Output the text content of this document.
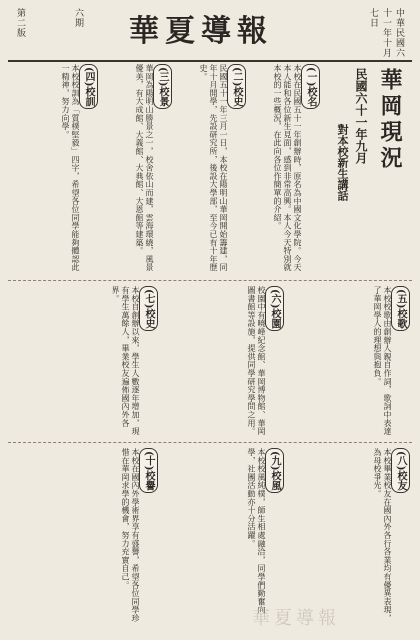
第二版	六期 華夏導報	中華民國六十一年十月七日
華岡現況
民國六十一年九月
對本校新生講話
(一)校名
本校在民國五十一年創辦時，原名為中國文化學院。今天本人能和各位新生見面，感到非常高興。本人今天特別就本校的一些概況，在此向各位作簡單的介紹。
(二)校史
民國五十一年三月一日，本校在陽明山華岡開始籌建，同年十月開學，先設研究所，後設大學部，至今已有十年歷史。
(三)校景
華岡為陽明山勝景之一，校舍依山而建，雲海環繞，風景優美，有大成館、大義館、大典館、大恩館等建築。
(四)校訓
本校校訓為「質樸堅毅」四字，希望各位同學能夠體認此一精神，努力向學。
(五)校歌
本校校歌由創辦人親自作詞，歌詞中表達了華岡學人的理想與抱負。
(六)校園
校園中有曉峰紀念館、華岡博物館、華岡圖書館等設施，提供同學研究學問之用。
(七)校史
本校自創辦以來，學生人數逐年增加，現有學生萬餘人，畢業校友遍佈國內外各界。
(八)校友
本校畢業校友在國內外各行各業均有優異表現，為母校爭光。
(九)校風
本校校風純樸，師生相處融洽，同學們勤奮向學，社團活動亦十分活躍。
(十)校譽
本校在國內外學術界享有盛譽，希望各位同學珍惜在華岡求學的機會，努力充實自己。
華夏導報
